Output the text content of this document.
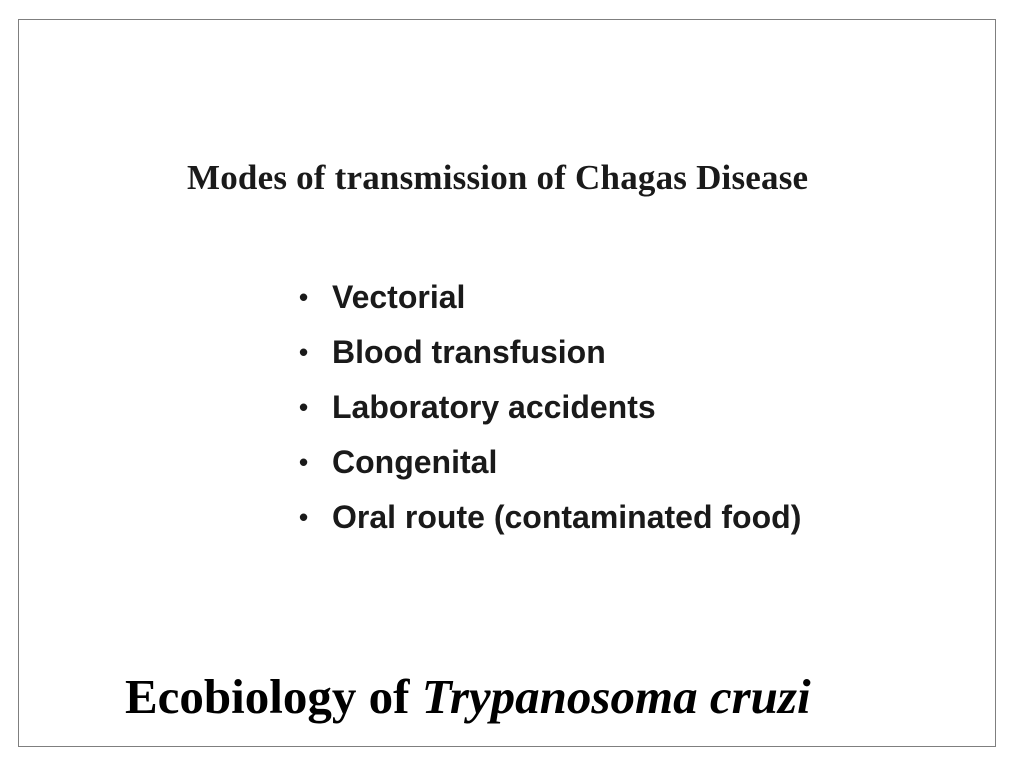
Modes of transmission of Chagas Disease
• Vectorial
• Blood transfusion
• Laboratory accidents
• Congenital
• Oral route (contaminated food)
Ecobiology of Trypanosoma cruzi
